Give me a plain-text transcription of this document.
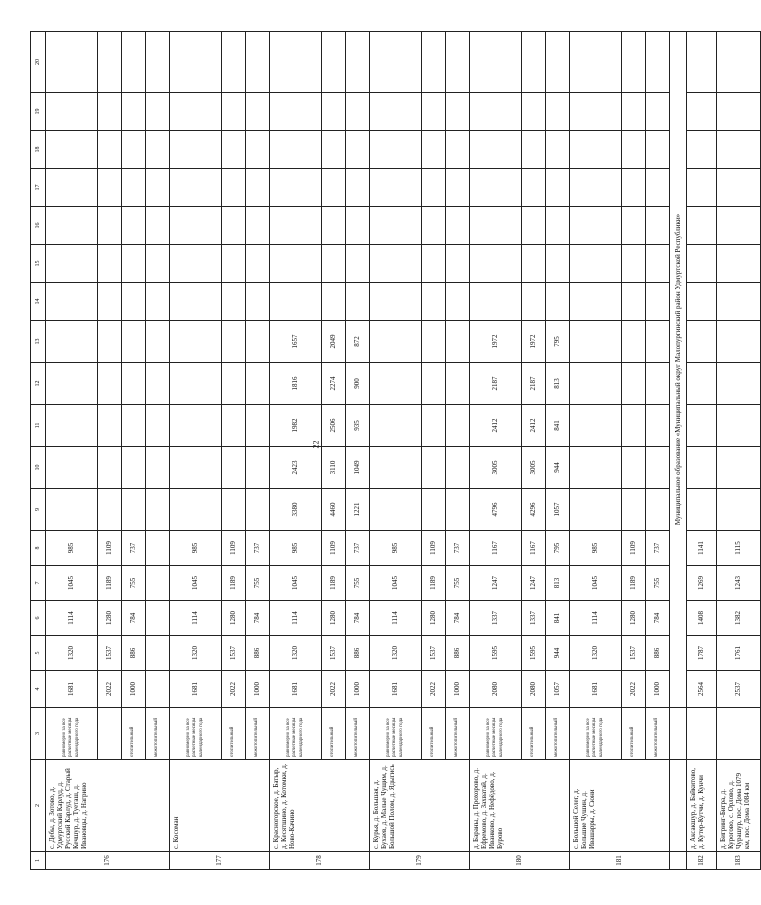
22
1	2	3	4	5	6	7	8	9	10	11	12	13	14	15	16	17	18	19	20
176	с. Дебы, д. Зотово, д. Удмуртский Карлуд, д. Русский Карлуд, д. Старый Кечшур, д. Туеташ, д. Ивановцы, д. Нагрино	равномерно за все расчетные месяцы календарного года	1681	1320	1114	1045	985												
			2022	1537	1280	1189	1109												
		отопительный	1000	886	784	755	737												
		межотопительный																	
177	с. Косоман	равномерно за все расчетные месяцы календарного года	1681	1320	1114	1045	985												
		отопительный	2022	1537	1280	1189	1109												
		межотопительный	1000	886	784	755	737												
178	с. Красногорское, д. Батыр, д. Кесятшино, д. Котомки, д. Ново-Качино	равномерно за все расчетные месяцы календарного года	1681	1320	1114	1045	985	3380	2423	1982	1816	1657							
		отопительный	2022	1537	1280	1189	1109	4460	3110	2506	2274	2049							
		межотопительный	1000	886	784	755	737	1221	1049	935	900	872							
179	с. Курья, д. Большая, д. Бухаев, д. Малые Чущим, д. Большой Полом, д. Ядыгись	равномерно за все расчетные месяцы календарного года	1681	1320	1114	1045	985												
		отопительный	2022	1537	1280	1189	1109												
		межотопительный	1000	886	784	755	737												
180	д. Бараны, д. Прохорово, д. Ефремово, д. Захватай, д. Иванково, д. Нефёдово, д. Бурово	равномерно за все расчетные месяцы календарного года	2080	1595	1337	1247	1167	4796	3005	2412	2187	1972							
		отопительный	2080	1595	1337	1247	1167	4296	3005	2412	2187	1972							
		межотопительный	1057	944	841	813	795	1057	944	841	813	795							
181	с. Большой Селег, д. Большие Чушин, д. Ивашарры, д. Сюни	равномерно за все расчетные месяцы календарного года	1681	1320	1114	1045	985												
		отопительный	2022	1537	1280	1189	1109												
		межотопительный	1000	886	784	755	737												
			Муниципальное образование «Муниципальный округ Малопургинский район Удмуртской Республики»																
182	д. Аксакшур, д. Байкитово, д. Кутер-Кутчи, д. Кунчи		2564	1787	1408	1269	1141												
183	д. Бигринг-Бигра, д. Курогово, с. Орлово, д. Чурашур, пос. Дома 1079 км, пос. Дома 1084 км		2537	1761	1382	1243	1115												
